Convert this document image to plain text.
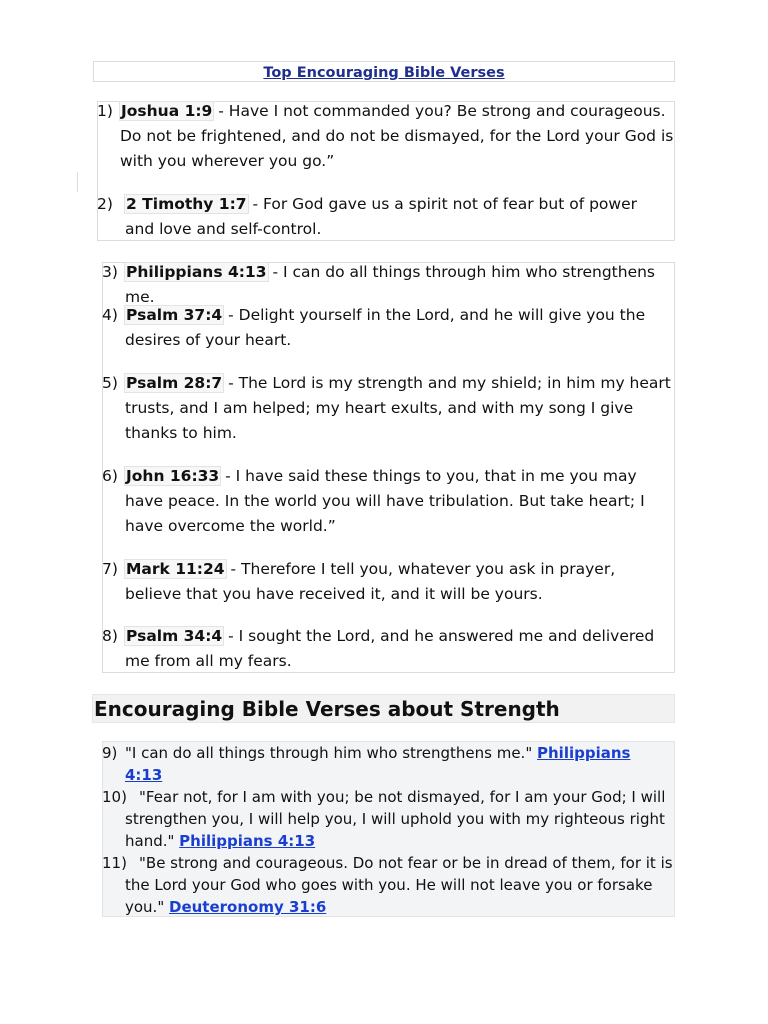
Top Encouraging Bible Verses
1) Joshua 1:9 - Have I not commanded you? Be strong and courageous. Do not be frightened, and do not be dismayed, for the Lord your God is with you wherever you go.”
2) 2 Timothy 1:7 - For God gave us a spirit not of fear but of power and love and self-control.
3) Philippians 4:13 - I can do all things through him who strengthens me.
4) Psalm 37:4 - Delight yourself in the Lord, and he will give you the desires of your heart.
5) Psalm 28:7 - The Lord is my strength and my shield; in him my heart trusts, and I am helped; my heart exults, and with my song I give thanks to him.
6) John 16:33 - I have said these things to you, that in me you may have peace. In the world you will have tribulation. But take heart; I have overcome the world.”
7) Mark 11:24 - Therefore I tell you, whatever you ask in prayer, believe that you have received it, and it will be yours.
8) Psalm 34:4 - I sought the Lord, and he answered me and delivered me from all my fears.
Encouraging Bible Verses about Strength
9) "I can do all things through him who strengthens me." Philippians 4:13
10) "Fear not, for I am with you; be not dismayed, for I am your God; I will strengthen you, I will help you, I will uphold you with my righteous right hand." Philippians 4:13
11) "Be strong and courageous. Do not fear or be in dread of them, for it is the Lord your God who goes with you. He will not leave you or forsake you." Deuteronomy 31:6
